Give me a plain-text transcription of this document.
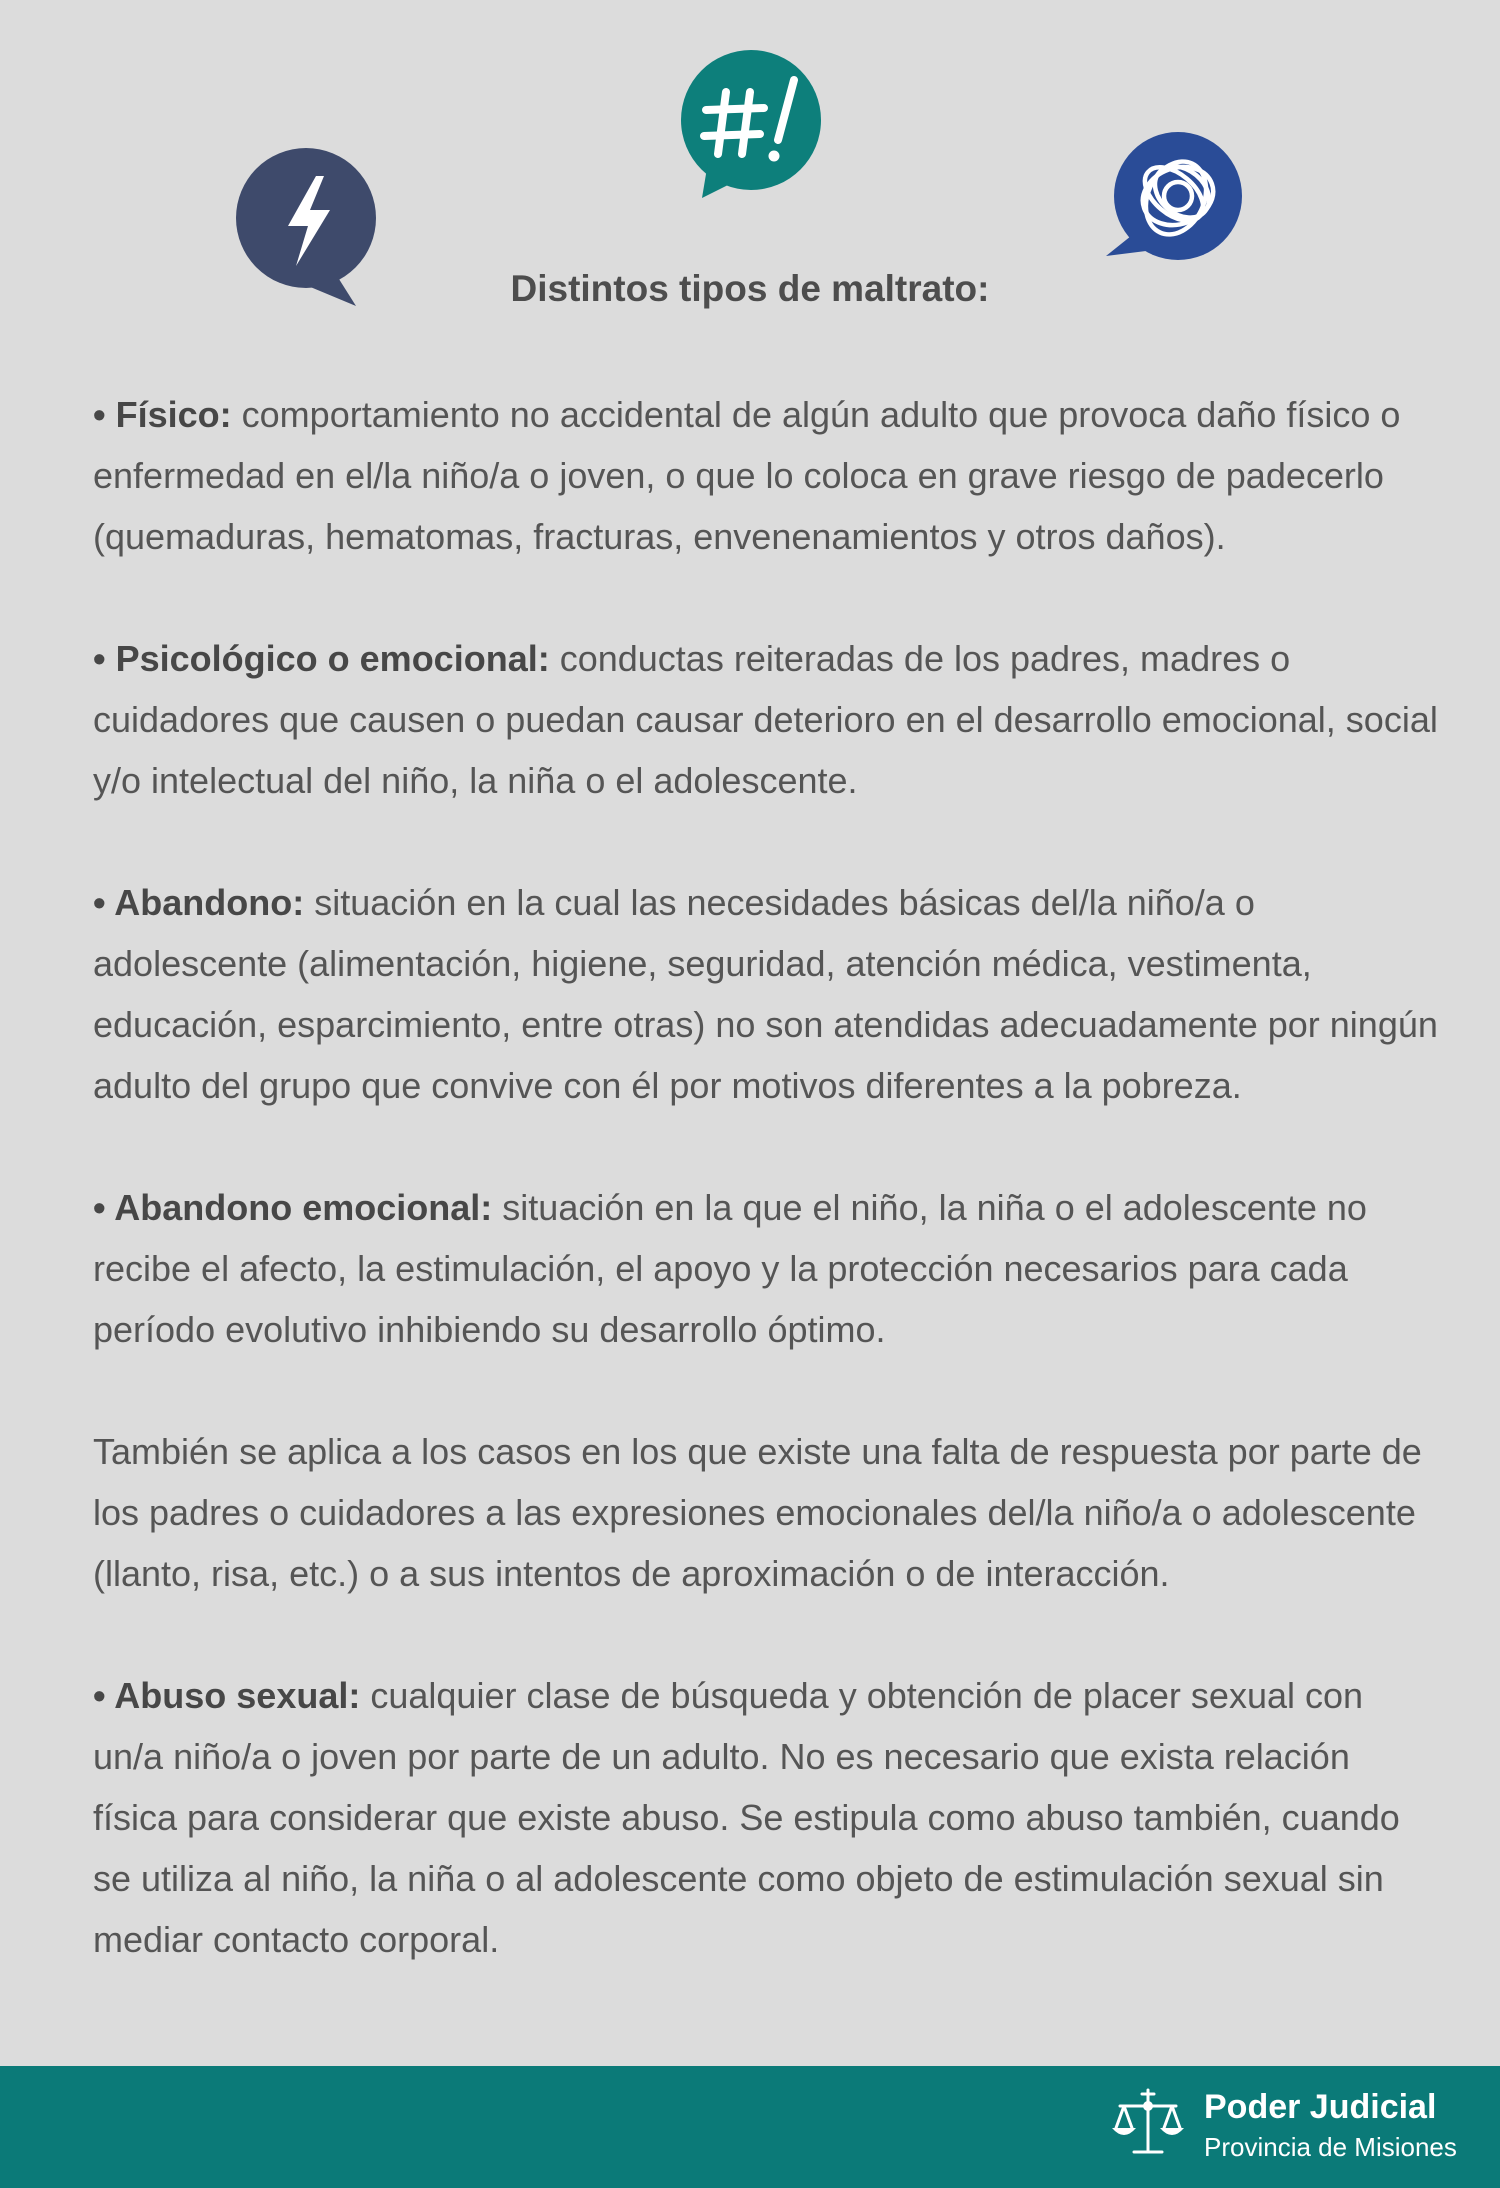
Distintos tipos de maltrato:

• Físico: comportamiento no accidental de algún adulto que provoca daño físico o enfermedad en el/la niño/a o joven, o que lo coloca en grave riesgo de padecerlo (quemaduras, hematomas, fracturas, envenenamientos y otros daños).

• Psicológico o emocional: conductas reiteradas de los padres, madres o cuidadores que causen o puedan causar deterioro en el desarrollo emocional, social y/o intelectual del niño, la niña o el adolescente.

• Abandono: situación en la cual las necesidades básicas del/la niño/a o adolescente (alimentación, higiene, seguridad, atención médica, vestimenta, educación, esparcimiento, entre otras) no son atendidas adecuadamente por ningún adulto del grupo que convive con él por motivos diferentes a la pobreza.

• Abandono emocional: situación en la que el niño, la niña o el adolescente no recibe el afecto, la estimulación, el apoyo y la protección necesarios para cada período evolutivo inhibiendo su desarrollo óptimo.

También se aplica a los casos en los que existe una falta de respuesta por parte de los padres o cuidadores a las expresiones emocionales del/la niño/a o adolescente (llanto, risa, etc.) o a sus intentos de aproximación o de interacción.

• Abuso sexual: cualquier clase de búsqueda y obtención de placer sexual con un/a niño/a o joven por parte de un adulto. No es necesario que exista relación física para considerar que existe abuso. Se estipula como abuso también, cuando se utiliza al niño, la niña o al adolescente como objeto de estimulación sexual sin mediar contacto corporal.

Poder Judicial
Provincia de Misiones
